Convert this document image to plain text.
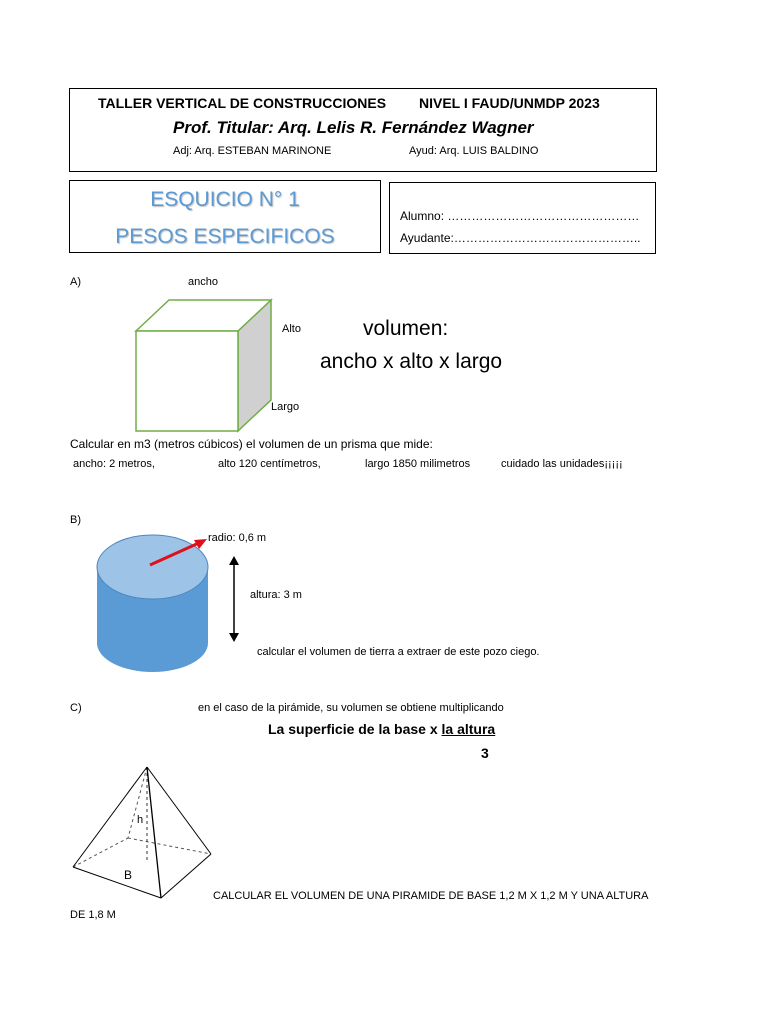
TALLER VERTICAL DE CONSTRUCCIONES NIVEL I FAUD/UNMDP 2023
Prof. Titular: Arq. Lelis R. Fernández Wagner
Adj: Arq. ESTEBAN MARINONE	Ayud: Arq. LUIS BALDINO
ESQUICIO N° 1
PESOS ESPECIFICOS
Alumno: …………………………………………
Ayudante:………………………………………..
A)	ancho
Alto
Largo
volumen:
ancho x alto x largo
Calcular en m3 (metros cúbicos) el volumen de un prisma que mide:
ancho: 2 metros,	alto 120 centímetros,	largo 1850 milimetros	cuidado las unidades¡¡¡¡¡
B)
radio: 0,6 m
altura: 3 m
calcular el volumen de tierra a extraer de este pozo ciego.
C)	en el caso de la pirámide, su volumen se obtiene multiplicando
La superficie de la base x la altura
3
h
B
CALCULAR EL VOLUMEN DE UNA PIRAMIDE DE BASE 1,2 M X 1,2 M Y UNA ALTURA
DE 1,8 M
